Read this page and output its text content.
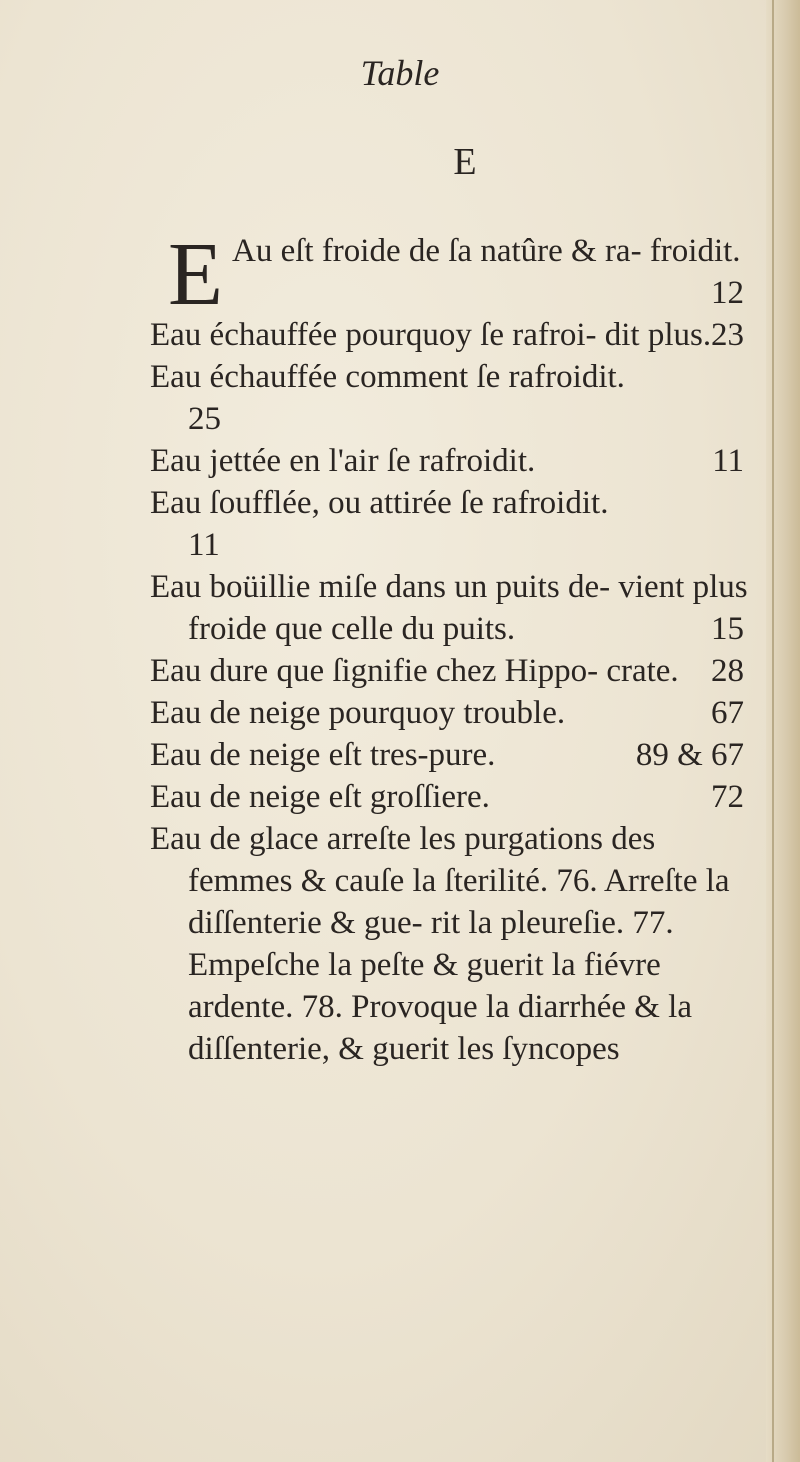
Table
E

E Au eſt froide de ſa natûre & ra- froidit.
12

Eau échauffée pourquoy ſe rafroi- dit plus. 23

Eau échauffée comment ſe rafroidit.
25

Eau jettée en l'air ſe rafroidit.	11

Eau ſoufflée, ou attirée ſe rafroidit.
11

Eau boüillie miſe dans un puits de- vient plus froide que celle du puits.	15

Eau dure que ſignifie chez Hippo- crate. 28

Eau de neige pourquoy trouble.	67

Eau de neige eſt tres-pure.	89 & 67

Eau de neige eſt groſſiere.	72

Eau de glace arreſte les purgations des femmes & cauſe la ſterilité. 76. Arreſte la diſſenterie & gue- rit la pleureſie. 77. Empeſche la peſte & guerit la fiévre ardente. 78. Provoque la diarrhée & la diſſenterie, & guerit les ſyncopes
